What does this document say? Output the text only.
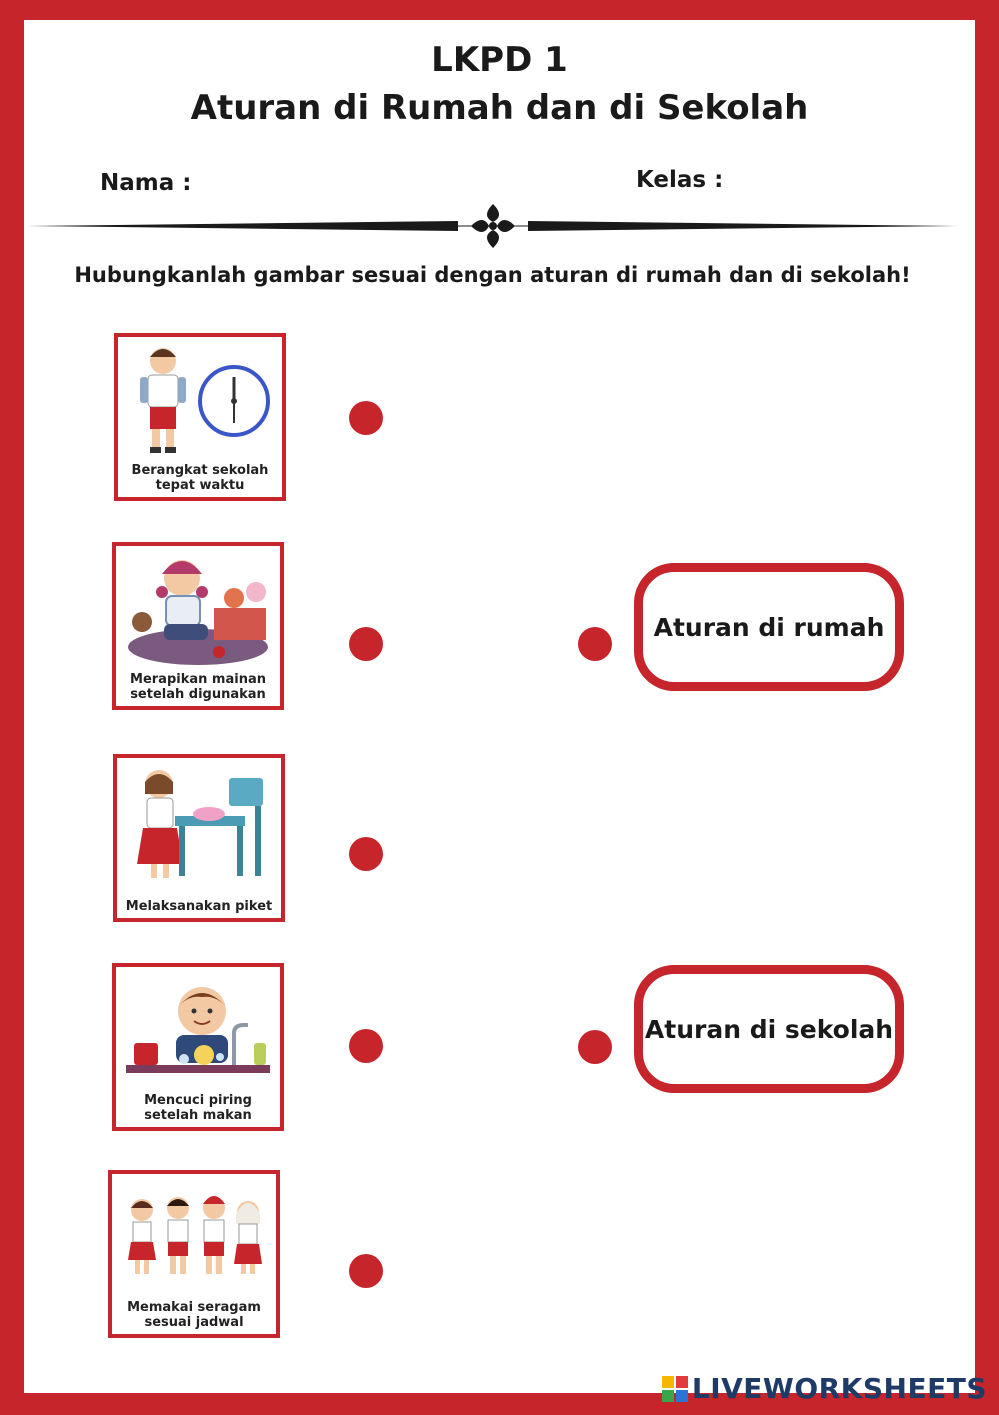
LKPD 1
Aturan di Rumah dan di Sekolah
Nama :	Kelas :
Hubungkanlah gambar sesuai dengan aturan di rumah dan di sekolah!
Berangkat sekolah tepat waktu
Merapikan mainan setelah digunakan
Melaksanakan piket
Mencuci piring setelah makan
Memakai seragam sesuai jadwal
Aturan di rumah
Aturan di sekolah
LIVEWORKSHEETS
